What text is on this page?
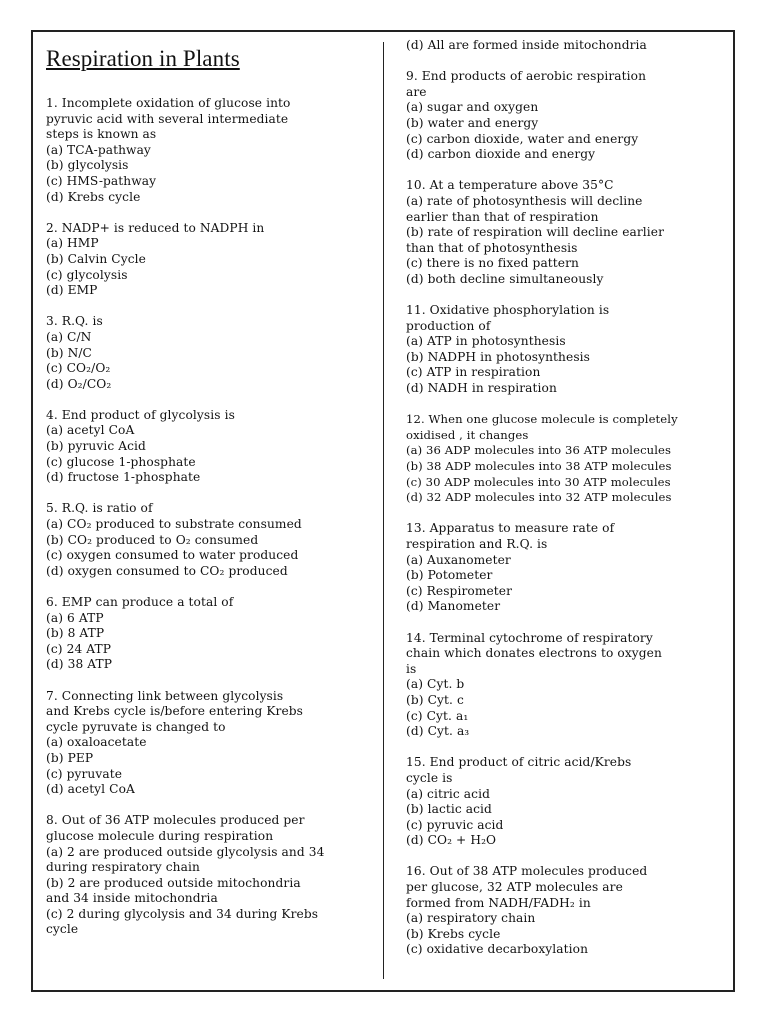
Respiration in Plants
1. Incomplete oxidation of glucose into
pyruvic acid with several intermediate
steps is known as
(a) TCA-pathway
(b) glycolysis
(c) HMS-pathway
(d) Krebs cycle
2. NADP+ is reduced to NADPH in
(a) HMP
(b) Calvin Cycle
(c) glycolysis
(d) EMP
3. R.Q. is
(a) C/N
(b) N/C
(c) CO₂/O₂
(d) O₂/CO₂
4. End product of glycolysis is
(a) acetyl CoA
(b) pyruvic Acid
(c) glucose 1-phosphate
(d) fructose 1-phosphate
5. R.Q. is ratio of
(a) CO₂ produced to substrate consumed
(b) CO₂ produced to O₂ consumed
(c) oxygen consumed to water produced
(d) oxygen consumed to CO₂ produced
6. EMP can produce a total of
(a) 6 ATP
(b) 8 ATP
(c) 24 ATP
(d) 38 ATP
7. Connecting link between glycolysis
and Krebs cycle is/before entering Krebs
cycle pyruvate is changed to
(a) oxaloacetate
(b) PEP
(c) pyruvate
(d) acetyl CoA
8. Out of 36 ATP molecules produced per
glucose molecule during respiration
(a) 2 are produced outside glycolysis and 34
during respiratory chain
(b) 2 are produced outside mitochondria
and 34 inside mitochondria
(c) 2 during glycolysis and 34 during Krebs
cycle
(d) All are formed inside mitochondria
9. End products of aerobic respiration
are
(a) sugar and oxygen
(b) water and energy
(c) carbon dioxide, water and energy
(d) carbon dioxide and energy
10. At a temperature above 35°C
(a) rate of photosynthesis will decline
earlier than that of respiration
(b) rate of respiration will decline earlier
than that of photosynthesis
(c) there is no fixed pattern
(d) both decline simultaneously
11. Oxidative phosphorylation is
production of
(a) ATP in photosynthesis
(b) NADPH in photosynthesis
(c) ATP in respiration
(d) NADH in respiration
12. When one glucose molecule is completely
oxidised , it changes
(a) 36 ADP molecules into 36 ATP molecules
(b) 38 ADP molecules into 38 ATP molecules
(c) 30 ADP molecules into 30 ATP molecules
(d) 32 ADP molecules into 32 ATP molecules
13. Apparatus to measure rate of
respiration and R.Q. is
(a) Auxanometer
(b) Potometer
(c) Respirometer
(d) Manometer
14. Terminal cytochrome of respiratory
chain which donates electrons to oxygen
is
(a) Cyt. b
(b) Cyt. c
(c) Cyt. a₁
(d) Cyt. a₃
15. End product of citric acid/Krebs
cycle is
(a) citric acid
(b) lactic acid
(c) pyruvic acid
(d) CO₂ + H₂O
16. Out of 38 ATP molecules produced
per glucose, 32 ATP molecules are
formed from NADH/FADH₂ in
(a) respiratory chain
(b) Krebs cycle
(c) oxidative decarboxylation
